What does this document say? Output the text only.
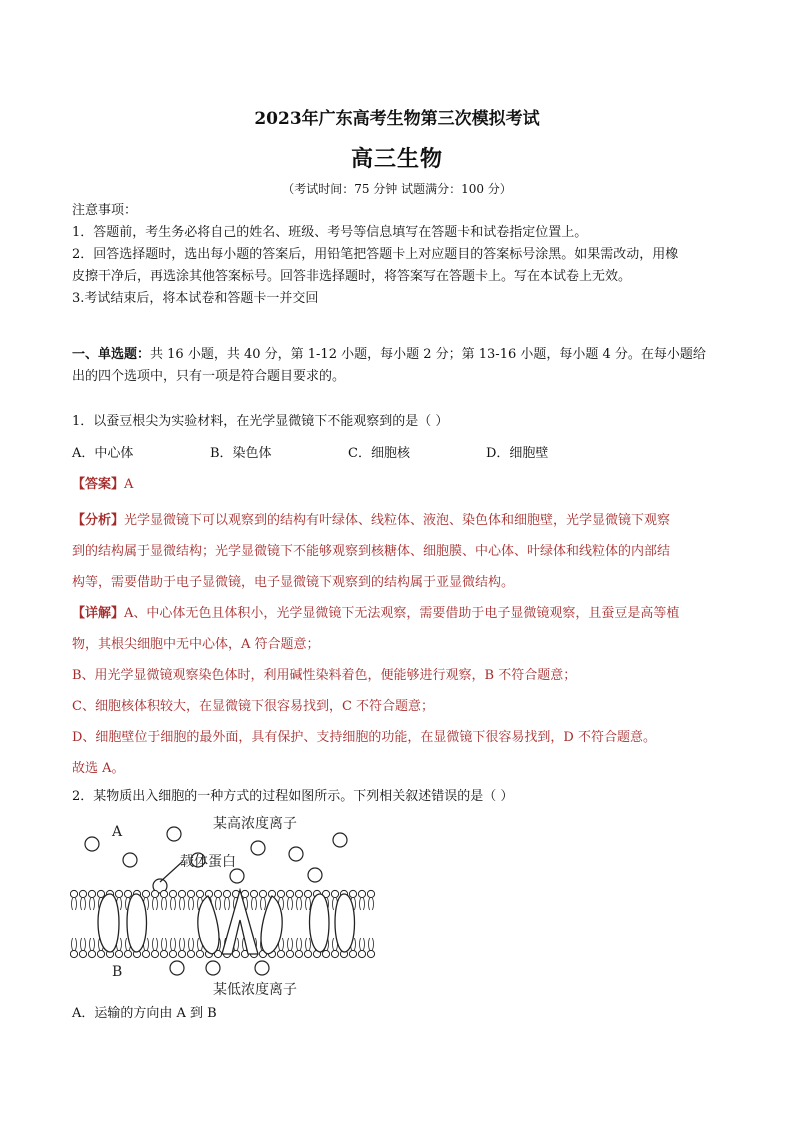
2023年广东高考生物第三次模拟考试
高三生物
（考试时间：75 分钟 试题满分：100 分）
注意事项：
1．答题前，考生务必将自己的姓名、班级、考号等信息填写在答题卡和试卷指定位置上。
2．回答选择题时，选出每小题的答案后，用铅笔把答题卡上对应题目的答案标号涂黑。如果需改动，用橡
皮擦干净后，再选涂其他答案标号。回答非选择题时，将答案写在答题卡上。写在本试卷上无效。
3.考试结束后，将本试卷和答题卡一并交回
一、单选题：共 16 小题，共 40 分，第 1-12 小题，每小题 2 分；第 13-16 小题，每小题 4 分。在每小题给
出的四个选项中，只有一项是符合题目要求的。
1．以蚕豆根尖为实验材料，在光学显微镜下不能观察到的是（ ）
A．中心体	B．染色体	C．细胞核	D．细胞壁
【答案】A
【分析】光学显微镜下可以观察到的结构有叶绿体、线粒体、液泡、染色体和细胞壁，光学显微镜下观察
到的结构属于显微结构；光学显微镜下不能够观察到核糖体、细胞膜、中心体、叶绿体和线粒体的内部结
构等，需要借助于电子显微镜，电子显微镜下观察到的结构属于亚显微结构。
【详解】A、中心体无色且体积小，光学显微镜下无法观察，需要借助于电子显微镜观察，且蚕豆是高等植
物，其根尖细胞中无中心体，A 符合题意；
B、用光学显微镜观察染色体时，利用碱性染料着色，便能够进行观察，B 不符合题意；
C、细胞核体积较大，在显微镜下很容易找到，C 不符合题意；
D、细胞壁位于细胞的最外面，具有保护、支持细胞的功能，在显微镜下很容易找到，D 不符合题意。
故选 A。
2．某物质出入细胞的一种方式的过程如图所示。下列相关叙述错误的是（ ）
A
B
某高浓度离子
载体蛋白
某低浓度离子
A．运输的方向由 A 到 B
